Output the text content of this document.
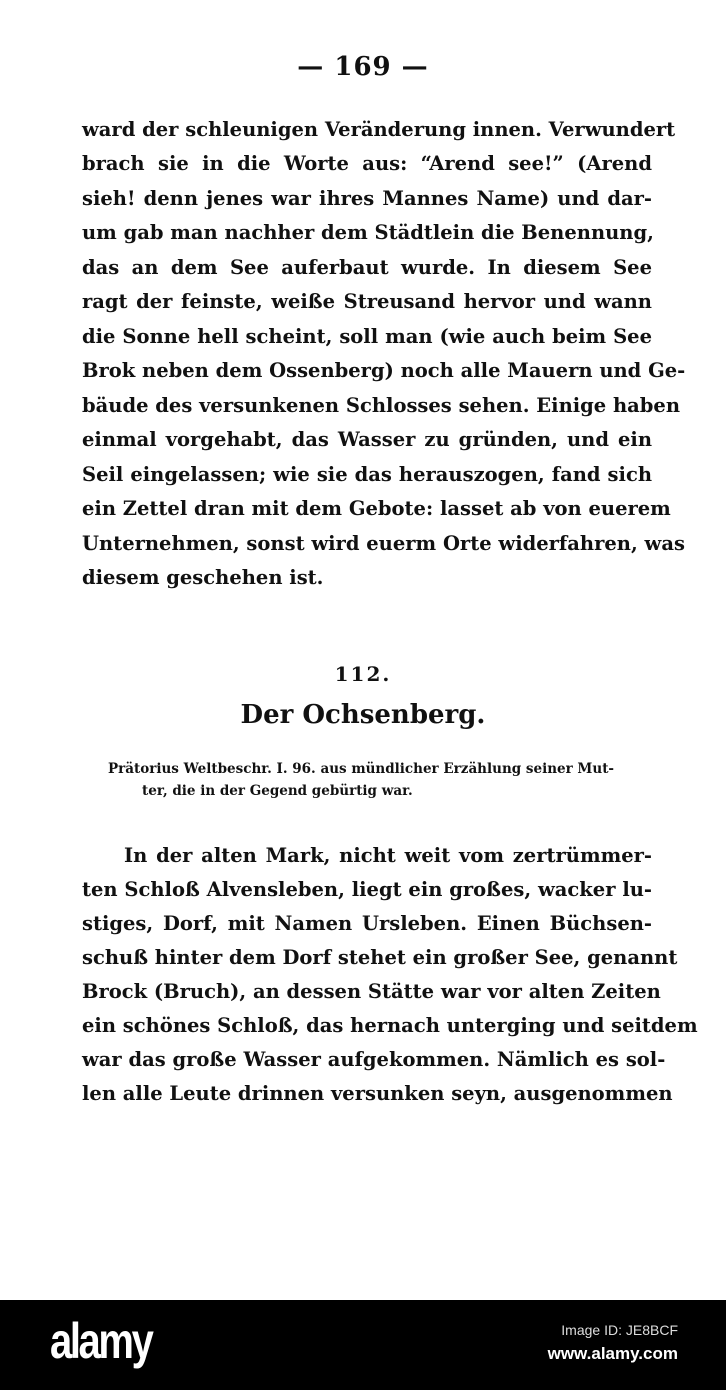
— 169 —
ward der schleunigen Veränderung innen. Verwundert
brach sie in die Worte aus: “Arend see!” (Arend
sieh! denn jenes war ihres Mannes Name) und dar-
um gab man nachher dem Städtlein die Benennung,
das an dem See auferbaut wurde. In diesem See
ragt der feinste, weiße Streusand hervor und wann
die Sonne hell scheint, soll man (wie auch beim See
Brok neben dem Ossenberg) noch alle Mauern und Ge-
bäude des versunkenen Schlosses sehen. Einige haben
einmal vorgehabt, das Wasser zu gründen, und ein
Seil eingelassen; wie sie das herauszogen, fand sich
ein Zettel dran mit dem Gebote: lasset ab von euerem
Unternehmen, sonst wird euerm Orte widerfahren, was
diesem geschehen ist.
112.
Der Ochsenberg.
Prätorius Weltbeschr. I. 96. aus mündlicher Erzählung seiner Mut-
ter, die in der Gegend gebürtig war.
In der alten Mark, nicht weit vom zertrümmer-
ten Schloß Alvensleben, liegt ein großes, wacker lu-
stiges, Dorf, mit Namen Ursleben. Einen Büchsen-
schuß hinter dem Dorf stehet ein großer See, genannt
Brock (Bruch), an dessen Stätte war vor alten Zeiten
ein schönes Schloß, das hernach unterging und seitdem
war das große Wasser aufgekommen. Nämlich es sol-
len alle Leute drinnen versunken seyn, ausgenommen
alamy	Image ID: JE8BCF
www.alamy.com
